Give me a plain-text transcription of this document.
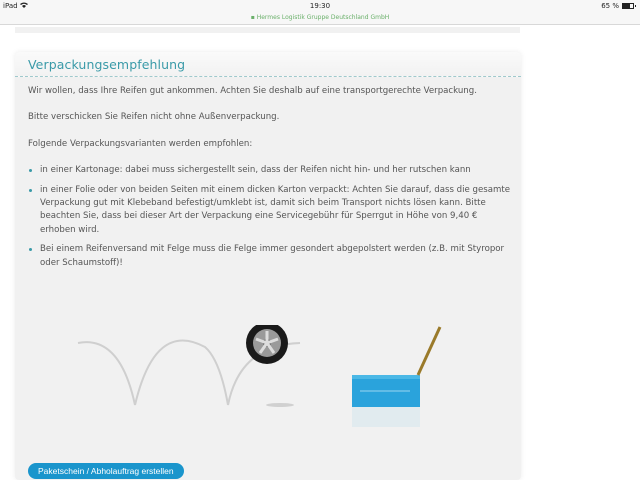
iPad	19:30	65 %
▪ Hermes Logistik Gruppe Deutschland GmbH
Verpackungsempfehlung

Wir wollen, dass Ihre Reifen gut ankommen. Achten Sie deshalb auf eine transportgerechte Verpackung.

Bitte verschicken Sie Reifen nicht ohne Außenverpackung.

Folgende Verpackungsvarianten werden empfohlen:

in einer Kartonage: dabei muss sichergestellt sein, dass der Reifen nicht hin- und her rutschen kann
in einer Folie oder von beiden Seiten mit einem dicken Karton verpackt: Achten Sie darauf, dass die gesamte Verpackung gut mit Klebeband befestigt/umklebt ist, damit sich beim Transport nichts lösen kann. Bitte beachten Sie, dass bei dieser Art der Verpackung eine Servicegebühr für Sperrgut in Höhe von 9,40 € erhoben wird.
Bei einem Reifenversand mit Felge muss die Felge immer gesondert abgepolstert werden (z.B. mit Styropor oder Schaumstoff)!
Paketschein / Abholauftrag erstellen
